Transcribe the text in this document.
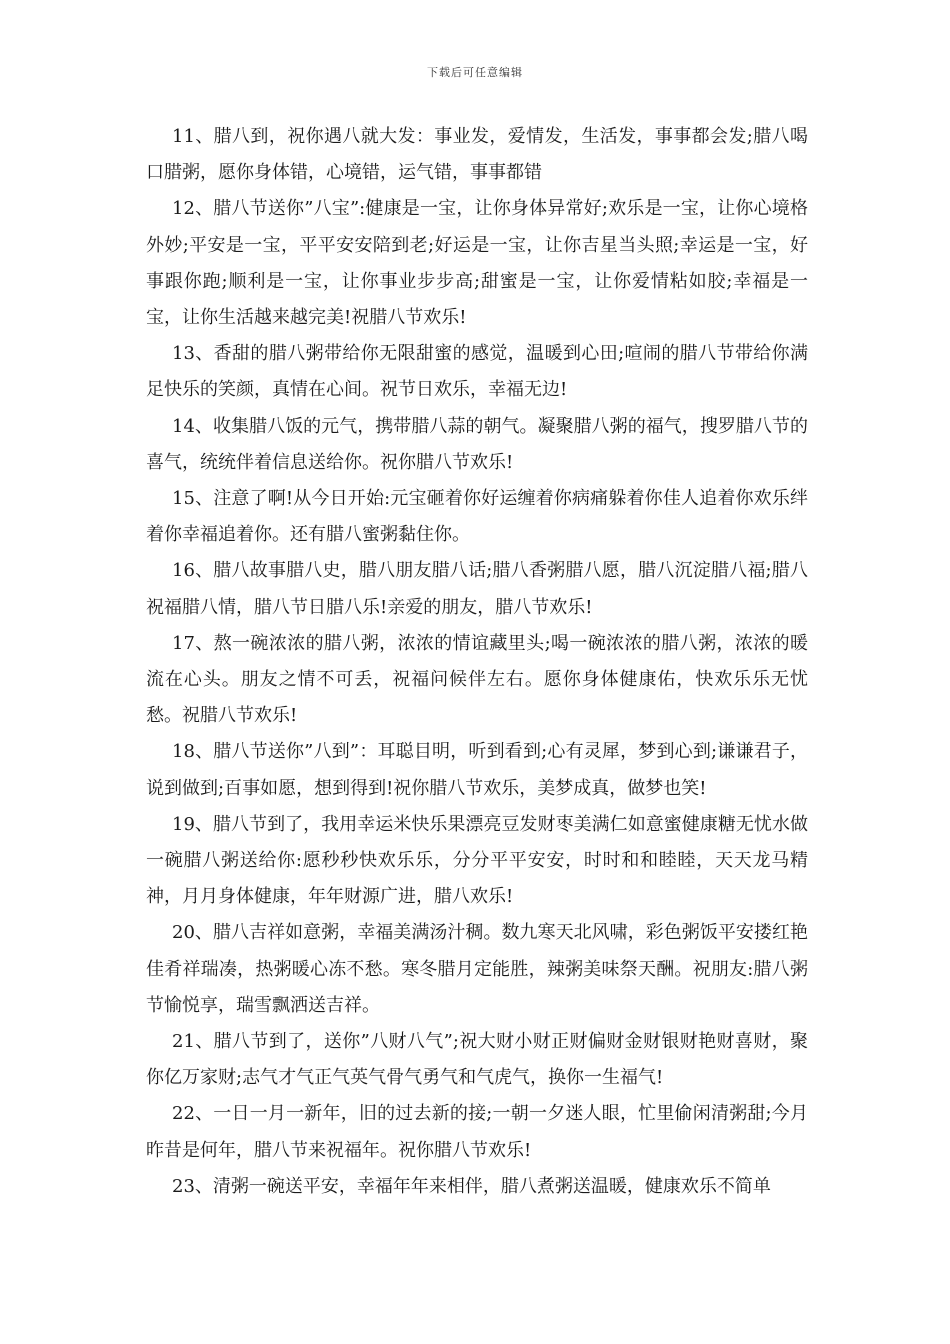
下载后可任意编辑

11、腊八到，祝你遇八就大发：事业发，爱情发，生活发，事事都会发;腊八喝口腊粥，愿你身体错，心境错，运气错，事事都错

12、腊八节送你”八宝”:健康是一宝，让你身体异常好;欢乐是一宝，让你心境格外妙;平安是一宝，平平安安陪到老;好运是一宝，让你吉星当头照;幸运是一宝，好事跟你跑;顺利是一宝，让你事业步步高;甜蜜是一宝，让你爱情粘如胶;幸福是一宝，让你生活越来越完美!祝腊八节欢乐!

13、香甜的腊八粥带给你无限甜蜜的感觉，温暖到心田;喧闹的腊八节带给你满足快乐的笑颜，真情在心间。祝节日欢乐，幸福无边!

14、收集腊八饭的元气，携带腊八蒜的朝气。凝聚腊八粥的福气，搜罗腊八节的喜气，统统伴着信息送给你。祝你腊八节欢乐!

15、注意了啊!从今日开始:元宝砸着你好运缠着你病痛躲着你佳人追着你欢乐绊着你幸福追着你。还有腊八蜜粥黏住你。

16、腊八故事腊八史，腊八朋友腊八话;腊八香粥腊八愿，腊八沉淀腊八福;腊八祝福腊八情，腊八节日腊八乐!亲爱的朋友，腊八节欢乐!

17、熬一碗浓浓的腊八粥，浓浓的情谊藏里头;喝一碗浓浓的腊八粥，浓浓的暖流在心头。朋友之情不可丢，祝福问候伴左右。愿你身体健康佑，快欢乐乐无忧愁。祝腊八节欢乐!

18、腊八节送你”八到”：耳聪目明，听到看到;心有灵犀，梦到心到;谦谦君子，说到做到;百事如愿，想到得到!祝你腊八节欢乐，美梦成真，做梦也笑!

19、腊八节到了，我用幸运米快乐果漂亮豆发财枣美满仁如意蜜健康糖无忧水做一碗腊八粥送给你:愿秒秒快欢乐乐，分分平平安安，时时和和睦睦，天天龙马精神，月月身体健康，年年财源广进，腊八欢乐!

20、腊八吉祥如意粥，幸福美满汤汁稠。数九寒天北风啸，彩色粥饭平安搂红艳佳肴祥瑞凑，热粥暖心冻不愁。寒冬腊月定能胜，辣粥美味祭天酬。祝朋友:腊八粥节愉悦享，瑞雪飘洒送吉祥。

21、腊八节到了，送你”八财八气”;祝大财小财正财偏财金财银财艳财喜财，聚你亿万家财;志气才气正气英气骨气勇气和气虎气，换你一生福气!

22、一日一月一新年，旧的过去新的接;一朝一夕迷人眼，忙里偷闲清粥甜;今月昨昔是何年，腊八节来祝福年。祝你腊八节欢乐!

23、清粥一碗送平安，幸福年年来相伴，腊八煮粥送温暖，健康欢乐不简单
